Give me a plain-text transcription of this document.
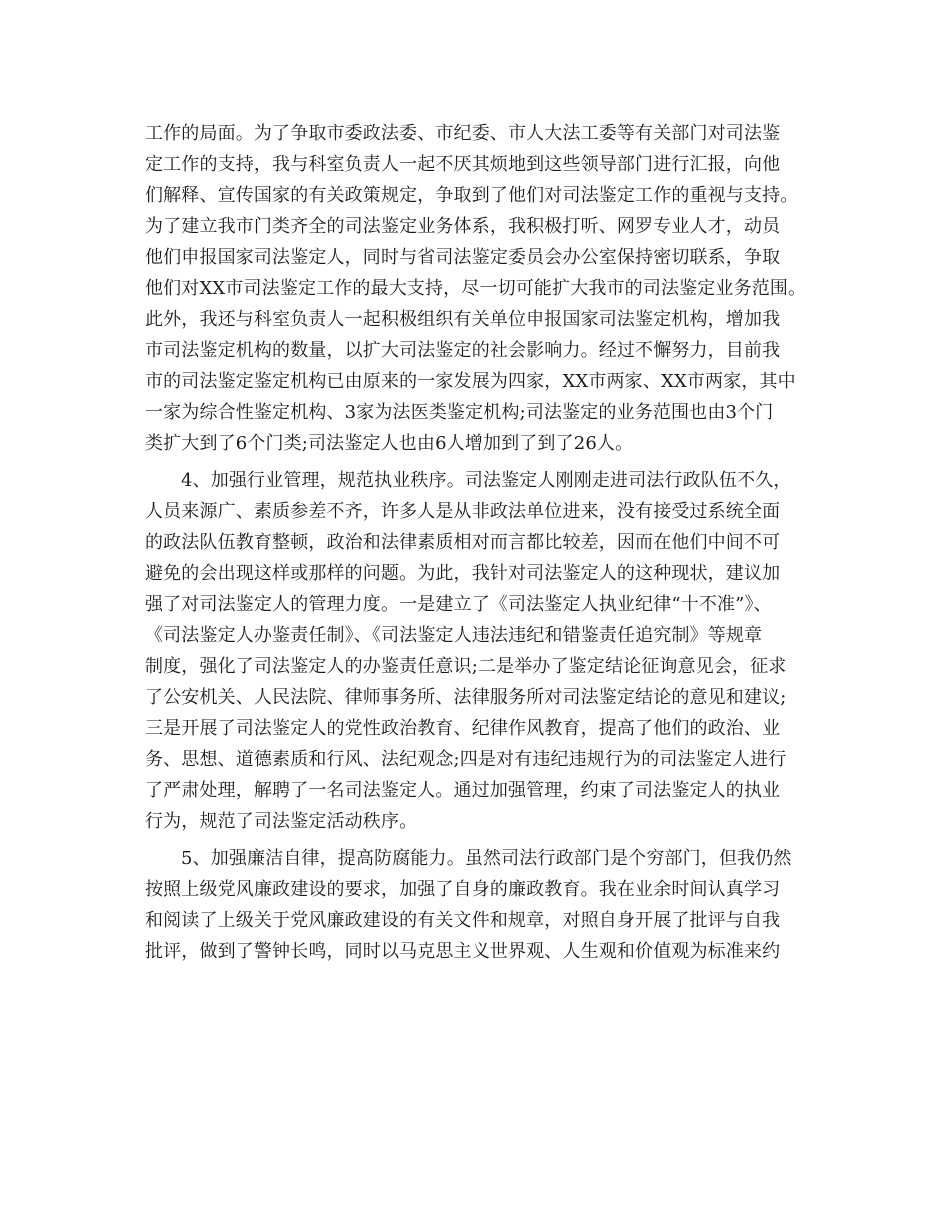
工作的局面。为了争取市委政法委、市纪委、市人大法工委等有关部门对司法鉴
定工作的支持，我与科室负责人一起不厌其烦地到这些领导部门进行汇报，向他
们解释、宣传国家的有关政策规定，争取到了他们对司法鉴定工作的重视与支持。
为了建立我市门类齐全的司法鉴定业务体系，我积极打听、网罗专业人才，动员
他们申报国家司法鉴定人，同时与省司法鉴定委员会办公室保持密切联系，争取
他们对XX市司法鉴定工作的最大支持，尽一切可能扩大我市的司法鉴定业务范围。
此外，我还与科室负责人一起积极组织有关单位申报国家司法鉴定机构，增加我
市司法鉴定机构的数量，以扩大司法鉴定的社会影响力。经过不懈努力，目前我
市的司法鉴定鉴定机构已由原来的一家发展为四家，XX市两家、XX市两家，其中
一家为综合性鉴定机构、3家为法医类鉴定机构;司法鉴定的业务范围也由3个门
类扩大到了6个门类;司法鉴定人也由6人增加到了到了26人。
4、加强行业管理，规范执业秩序。司法鉴定人刚刚走进司法行政队伍不久，
人员来源广、素质参差不齐，许多人是从非政法单位进来，没有接受过系统全面
的政法队伍教育整顿，政治和法律素质相对而言都比较差，因而在他们中间不可
避免的会出现这样或那样的问题。为此，我针对司法鉴定人的这种现状，建议加
强了对司法鉴定人的管理力度。一是建立了《司法鉴定人执业纪律“十不准”》、
《司法鉴定人办鉴责任制》、《司法鉴定人违法违纪和错鉴责任追究制》等规章
制度，强化了司法鉴定人的办鉴责任意识;二是举办了鉴定结论征询意见会，征求
了公安机关、人民法院、律师事务所、法律服务所对司法鉴定结论的意见和建议;
三是开展了司法鉴定人的党性政治教育、纪律作风教育，提高了他们的政治、业
务、思想、道德素质和行风、法纪观念;四是对有违纪违规行为的司法鉴定人进行
了严肃处理，解聘了一名司法鉴定人。通过加强管理，约束了司法鉴定人的执业
行为，规范了司法鉴定活动秩序。
5、加强廉洁自律，提高防腐能力。虽然司法行政部门是个穷部门，但我仍然
按照上级党风廉政建设的要求，加强了自身的廉政教育。我在业余时间认真学习
和阅读了上级关于党风廉政建设的有关文件和规章，对照自身开展了批评与自我
批评，做到了警钟长鸣，同时以马克思主义世界观、人生观和价值观为标准来约
